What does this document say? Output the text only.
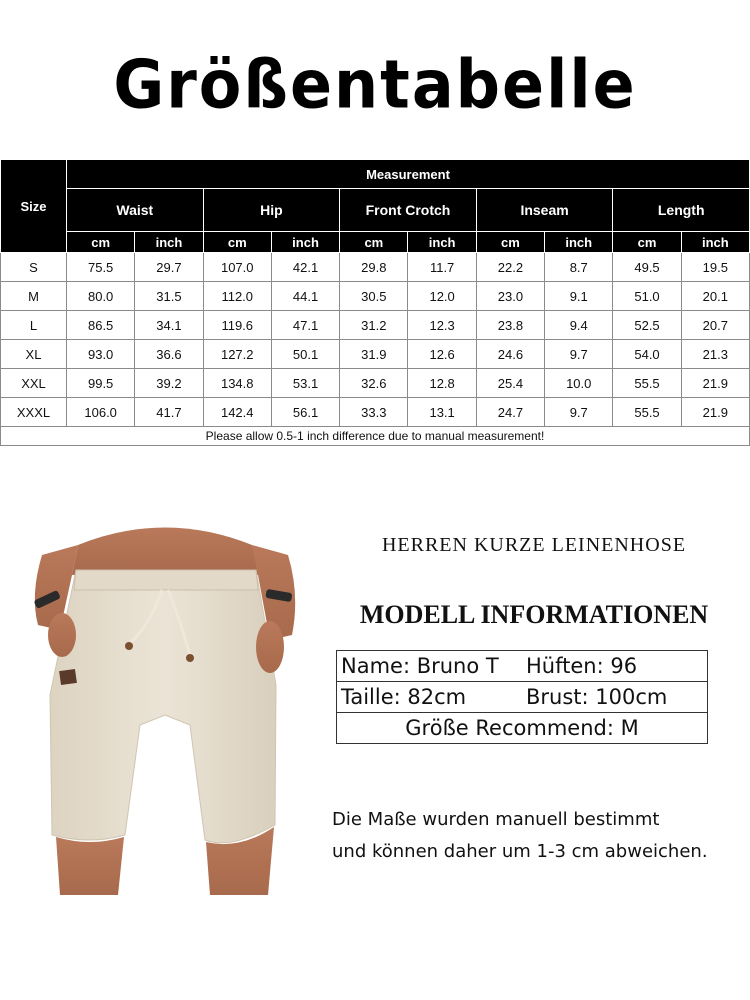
Größentabelle
Size	Measurement									
	Waist		Hip		Front Crotch		Inseam		Length	
	cm	inch	cm	inch	cm	inch	cm	inch	cm	inch
S	75.5	29.7	107.0	42.1	29.8	11.7	22.2	8.7	49.5	19.5
M	80.0	31.5	112.0	44.1	30.5	12.0	23.0	9.1	51.0	20.1
L	86.5	34.1	119.6	47.1	31.2	12.3	23.8	9.4	52.5	20.7
XL	93.0	36.6	127.2	50.1	31.9	12.6	24.6	9.7	54.0	21.3
XXL	99.5	39.2	134.8	53.1	32.6	12.8	25.4	10.0	55.5	21.9
XXXL	106.0	41.7	142.4	56.1	33.3	13.1	24.7	9.7	55.5	21.9
Please allow 0.5-1 inch difference due to manual measurement!										
HERREN KURZE LEINENHOSE
MODELL INFORMATIONEN
Name: Bruno T	Hüften: 96
Taille: 82cm	Brust: 100cm
Größe Recommend: M	
Die Maße wurden manuell bestimmt
und können daher um 1-3 cm abweichen.
